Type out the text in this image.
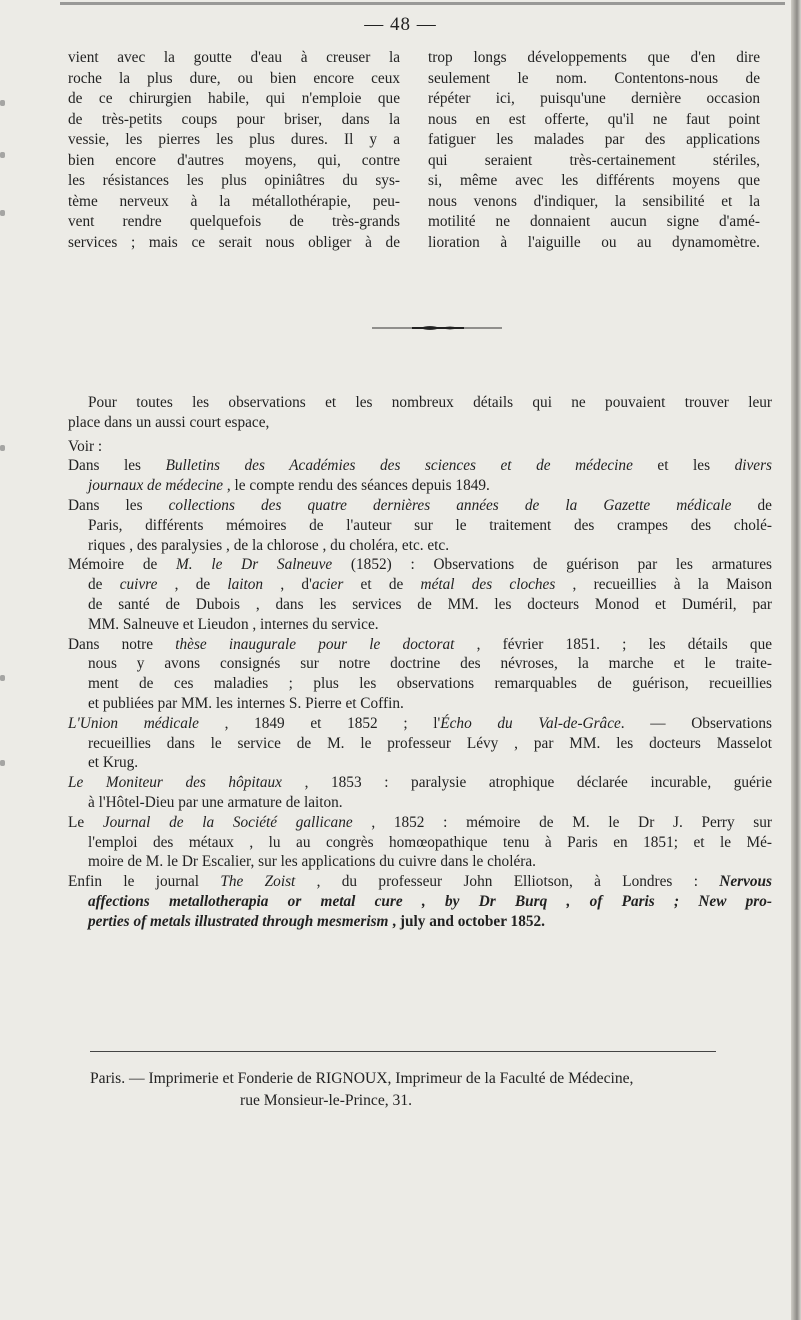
— 48 —
vient avec la goutte d'eau à creuser la
roche la plus dure, ou bien encore ceux
de ce chirurgien habile, qui n'emploie que
de très-petits coups pour briser, dans la
vessie, les pierres les plus dures. Il y a
bien encore d'autres moyens, qui, contre
les résistances les plus opiniâtres du sys-
tème nerveux à la métallothérapie, peu-
vent rendre quelquefois de très-grands
services ; mais ce serait nous obliger à de
trop longs développements que d'en dire
seulement le nom. Contentons-nous de
répéter ici, puisqu'une dernière occasion
nous en est offerte, qu'il ne faut point
fatiguer les malades par des applications
qui seraient très-certainement stériles,
si, même avec les différents moyens que
nous venons d'indiquer, la sensibilité et la
motilité ne donnaient aucun signe d'amé-
lioration à l'aiguille ou au dynamomètre.
Pour toutes les observations et les nombreux détails qui ne pouvaient trouver leur
place dans un aussi court espace,
Voir :
Dans les Bulletins des Académies des sciences et de médecine et les divers
journaux de médecine , le compte rendu des séances depuis 1849.
Dans les collections des quatre dernières années de la Gazette médicale de
Paris, différents mémoires de l'auteur sur le traitement des crampes des cholé-
riques , des paralysies , de la chlorose , du choléra, etc. etc.
Mémoire de M. le Dr Salneuve (1852) : Observations de guérison par les armatures
de cuivre , de laiton , d'acier et de métal des cloches , recueillies à la Maison
de santé de Dubois , dans les services de MM. les docteurs Monod et Duméril, par
MM. Salneuve et Lieudon , internes du service.
Dans notre thèse inaugurale pour le doctorat , février 1851. ; les détails que
nous y avons consignés sur notre doctrine des névroses, la marche et le traite-
ment de ces maladies ; plus les observations remarquables de guérison, recueillies
et publiées par MM. les internes S. Pierre et Coffin.
L'Union médicale , 1849 et 1852 ; l'Écho du Val-de-Grâce. — Observations
recueillies dans le service de M. le professeur Lévy , par MM. les docteurs Masselot
et Krug.
Le Moniteur des hôpitaux , 1853 : paralysie atrophique déclarée incurable, guérie
à l'Hôtel-Dieu par une armature de laiton.
Le Journal de la Société gallicane , 1852 : mémoire de M. le Dr J. Perry sur
l'emploi des métaux , lu au congrès homœopathique tenu à Paris en 1851; et le Mé-
moire de M. le Dr Escalier, sur les applications du cuivre dans le choléra.
Enfin le journal The Zoist , du professeur John Elliotson, à Londres : Nervous
affections metallotherapia or metal cure , by Dr Burq , of Paris ; New pro-
perties of metals illustrated through mesmerism , july and october 1852.
Paris. — Imprimerie et Fonderie de RIGNOUX, Imprimeur de la Faculté de Médecine,
rue Monsieur-le-Prince, 31.
